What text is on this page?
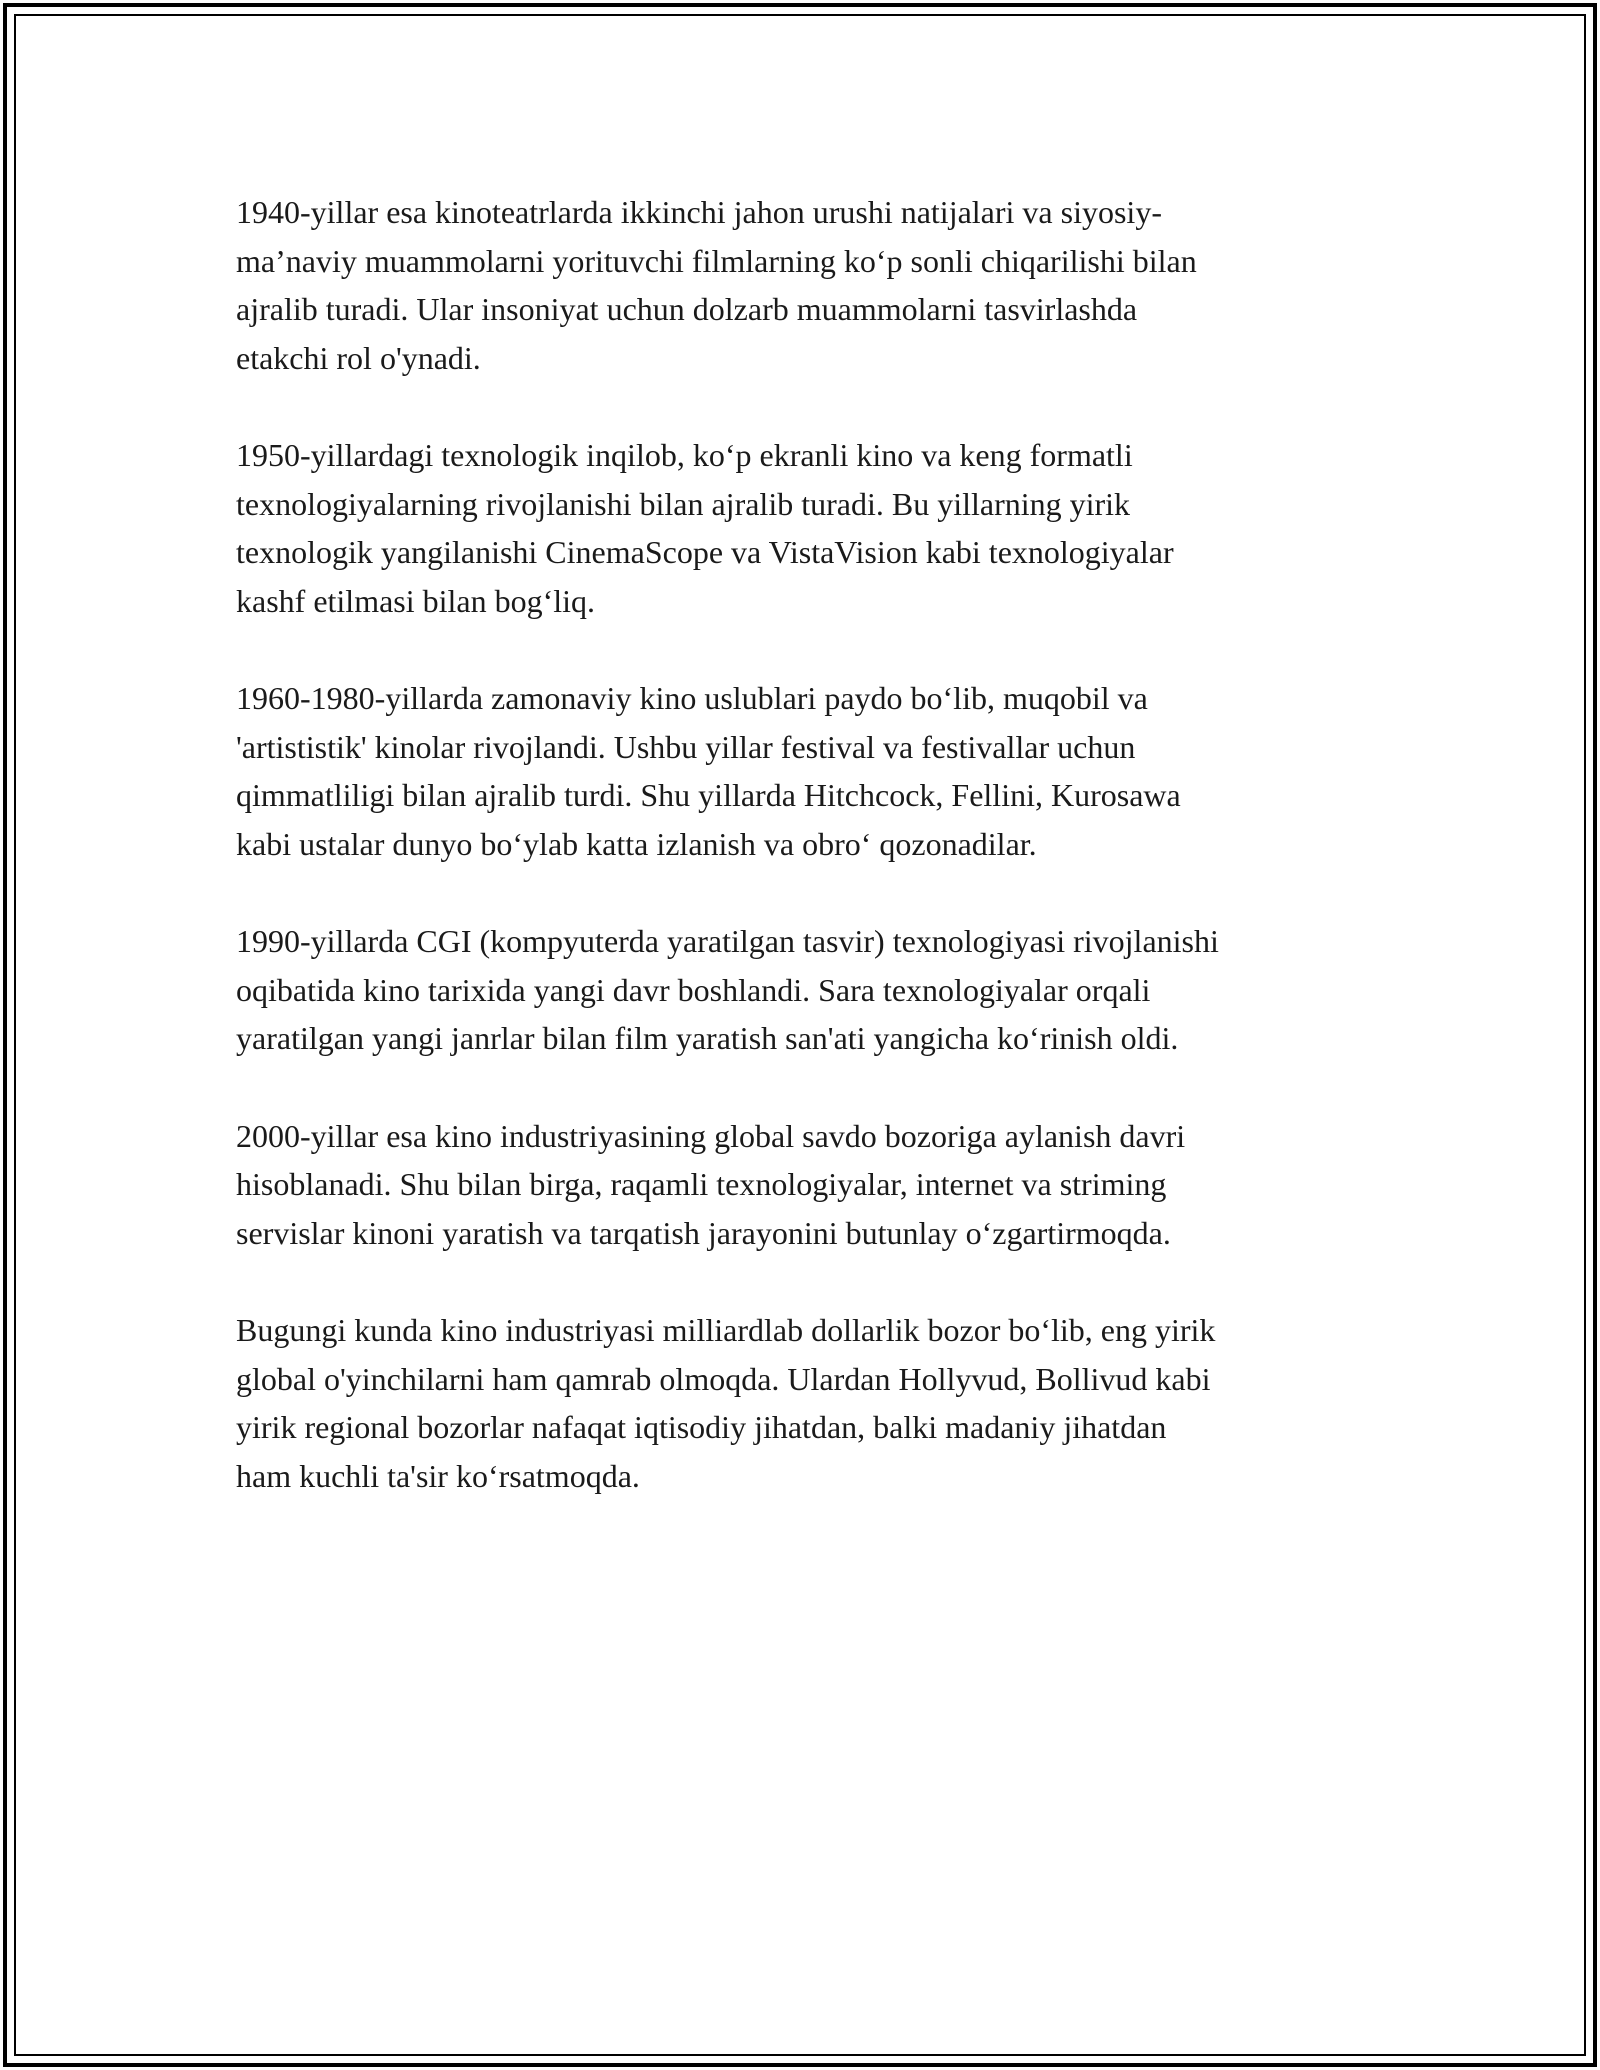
1940-yillar esa kinoteatrlarda ikkinchi jahon urushi natijalari va siyosiy-
ma’naviy muammolarni yorituvchi filmlarning ko‘p sonli chiqarilishi bilan
ajralib turadi. Ular insoniyat uchun dolzarb muammolarni tasvirlashda
etakchi rol o'ynadi.

1950-yillardagi texnologik inqilob, ko‘p ekranli kino va keng formatli
texnologiyalarning rivojlanishi bilan ajralib turadi. Bu yillarning yirik
texnologik yangilanishi CinemaScope va VistaVision kabi texnologiyalar
kashf etilmasi bilan bog‘liq.

1960-1980-yillarda zamonaviy kino uslublari paydo bo‘lib, muqobil va
'artististik' kinolar rivojlandi. Ushbu yillar festival va festivallar uchun
qimmatliligi bilan ajralib turdi. Shu yillarda Hitchcock, Fellini, Kurosawa
kabi ustalar dunyo bo‘ylab katta izlanish va obro‘ qozonadilar.

1990-yillarda CGI (kompyuterda yaratilgan tasvir) texnologiyasi rivojlanishi
oqibatida kino tarixida yangi davr boshlandi. Sara texnologiyalar orqali
yaratilgan yangi janrlar bilan film yaratish san'ati yangicha ko‘rinish oldi.

2000-yillar esa kino industriyasining global savdo bozoriga aylanish davri
hisoblanadi. Shu bilan birga, raqamli texnologiyalar, internet va striming
servislar kinoni yaratish va tarqatish jarayonini butunlay o‘zgartirmoqda.

Bugungi kunda kino industriyasi milliardlab dollarlik bozor bo‘lib, eng yirik
global o'yinchilarni ham qamrab olmoqda. Ulardan Hollyvud, Bollivud kabi
yirik regional bozorlar nafaqat iqtisodiy jihatdan, balki madaniy jihatdan
ham kuchli ta'sir ko‘rsatmoqda.
